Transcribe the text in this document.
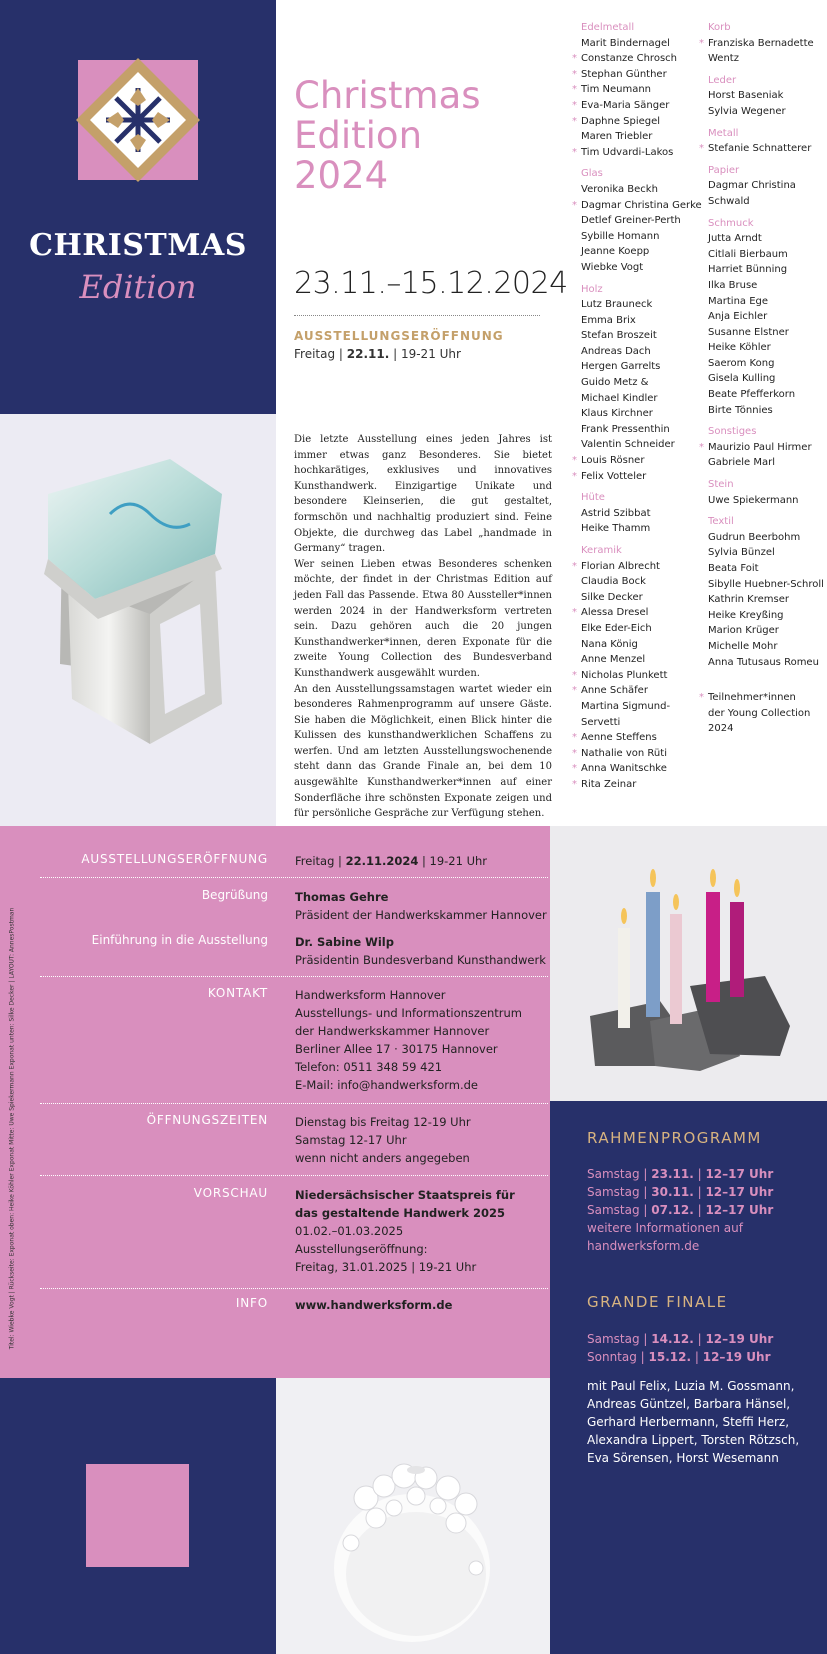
CHRISTMAS
Edition
Christmas
Edition
2024
23.11.–15.12.2024
AUSSTELLUNGSERÖFFNUNG
Freitag | 22.11. | 19-21 Uhr

Die letzte Ausstellung eines jeden Jahres ist immer etwas ganz Besonderes. Sie bietet hochkarätiges, exklusives und innovatives Kunsthandwerk. Einzigartige Unikate und besondere Kleinserien, die gut gestaltet, formschön und nachhaltig produziert sind. Feine Objekte, die durchweg das Label „handmade in Germany“ tragen.

Wer seinen Lieben etwas Besonderes schenken möchte, der findet in der Christmas Edition auf jeden Fall das Passende. Etwa 80 Aussteller*innen werden 2024 in der Handwerksform vertreten sein. Dazu gehören auch die 20 jungen Kunsthandwerker*innen, deren Exponate für die zweite Young Collection des Bundesverband Kunsthandwerk ausgewählt wurden.

An den Ausstellungssamstagen wartet wieder ein besonderes Rahmenprogramm auf unsere Gäste. Sie haben die Möglichkeit, einen Blick hinter die Kulissen des kunsthandwerklichen Schaffens zu werfen. Und am letzten Ausstellungswochenende steht dann das Grande Finale an, bei dem 10 ausgewählte Kunsthandwerker*innen auf einer Sonderfläche ihre schönsten Exponate zeigen und für persönliche Gespräche zur Verfügung stehen.

Edelmetall
Marit Bindernagel
* Constanze Chrosch
* Stephan Günther
* Tim Neumann
* Eva-Maria Sänger
* Daphne Spiegel
Maren Triebler
* Tim Udvardi-Lakos
Glas
Veronika Beckh
* Dagmar Christina Gerke
Detlef Greiner-Perth
Sybille Homann
Jeanne Koepp
Wiebke Vogt
Holz
Lutz Brauneck
Emma Brix
Stefan Broszeit
Andreas Dach
Hergen Garrelts
Guido Metz &
Michael Kindler
Klaus Kirchner
Frank Pressenthin
Valentin Schneider
* Louis Rösner
* Felix Votteler
Hüte
Astrid Szibbat
Heike Thamm
Keramik
* Florian Albrecht
Claudia Bock
Silke Decker
* Alessa Dresel
Elke Eder-Eich
Nana König
Anne Menzel
* Nicholas Plunkett
* Anne Schäfer
Martina Sigmund-
Servetti
* Aenne Steffens
* Nathalie von Rüti
* Anna Wanitschke
* Rita Zeinar
Korb
* Franziska Bernadette
Wentz
Leder
Horst Baseniak
Sylvia Wegener
Metall
* Stefanie Schnatterer
Papier
Dagmar Christina
Schwald
Schmuck
Jutta Arndt
Citlali Bierbaum
Harriet Bünning
Ilka Bruse
Martina Ege
Anja Eichler
Susanne Elstner
Heike Köhler
Saerom Kong
Gisela Kulling
Beate Pfefferkorn
Birte Tönnies
Sonstiges
* Maurizio Paul Hirmer
Gabriele Marl
Stein
Uwe Spiekermann
Textil
Gudrun Beerbohm
Sylvia Bünzel
Beata Foit
Sibylle Huebner-Schroll
Kathrin Kremser
Heike Kreyßing
Marion Krüger
Michelle Mohr
Anna Tutusaus Romeu
* Teilnehmer*innen
der Young Collection
2024
Titel: Wiebke Vogt | Rückseite: Exponat oben: Heike Köhler Exponat Mitte: Uwe Spiekermann Exponat unten: Silke Decker | LAYOUT: AnnesPostman
AUSSTELLUNGSERÖFFNUNG Freitag | 22.11.2024 | 19-21 Uhr
Begrüßung Thomas Gehre
Präsident der Handwerkskammer Hannover
Einführung in die Ausstellung Dr. Sabine Wilp
Präsidentin Bundesverband Kunsthandwerk
KONTAKT Handwerksform Hannover
Ausstellungs- und Informationszentrum
der Handwerkskammer Hannover
Berliner Allee 17 · 30175 Hannover
Telefon: 0511 348 59 421
E-Mail: info@handwerksform.de
ÖFFNUNGSZEITEN Dienstag bis Freitag 12-19 Uhr
Samstag 12-17 Uhr
wenn nicht anders angegeben
VORSCHAU Niedersächsischer Staatspreis für
das gestaltende Handwerk 2025
01.02.–01.03.2025
Ausstellungseröffnung:
Freitag, 31.01.2025 | 19-21 Uhr
INFO www.handwerksform.de
RAHMENPROGRAMM
Samstag | 23.11. | 12–17 Uhr
Samstag | 30.11. | 12–17 Uhr
Samstag | 07.12. | 12–17 Uhr
weitere Informationen auf
handwerksform.de
GRANDE FINALE
Samstag | 14.12. | 12–19 Uhr
Sonntag | 15.12. | 12–19 Uhr
mit Paul Felix, Luzia M. Gossmann, Andreas Güntzel, Barbara Hänsel, Gerhard Herbermann, Steffi Herz, Alexandra Lippert, Torsten Rötzsch, Eva Sörensen, Horst Wesemann
